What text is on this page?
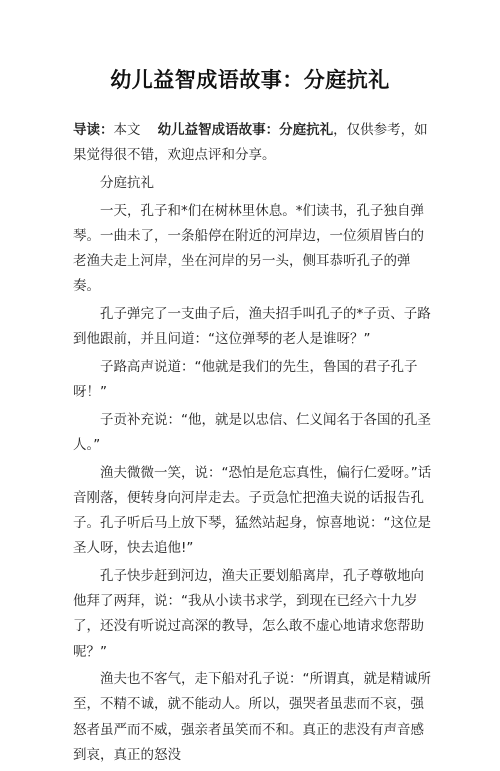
幼儿益智成语故事：分庭抗礼

导读：本文 幼儿益智成语故事：分庭抗礼，仅供参考，如果觉得很不错，欢迎点评和分享。

分庭抗礼

一天，孔子和*们在树林里休息。*们读书，孔子独自弹琴。一曲未了，一条船停在附近的河岸边，一位须眉皆白的老渔夫走上河岸，坐在河岸的另一头，侧耳恭听孔子的弹奏。

孔子弹完了一支曲子后，渔夫招手叫孔子的*子贡、子路到他跟前，并且问道：“这位弹琴的老人是谁呀？”

子路高声说道：“他就是我们的先生，鲁国的君子孔子呀！”

子贡补充说：“他，就是以忠信、仁义闻名于各国的孔圣人。”

渔夫微微一笑，说：“恐怕是危忘真性，偏行仁爱呀。”话音刚落，便转身向河岸走去。子贡急忙把渔夫说的话报告孔子。孔子听后马上放下琴，猛然站起身，惊喜地说：“这位是圣人呀，快去追他!”

孔子快步赶到河边，渔夫正要划船离岸，孔子尊敬地向他拜了两拜，说：“我从小读书求学，到现在已经六十九岁了，还没有听说过高深的教导，怎么敢不虚心地请求您帮助呢？”

渔夫也不客气，走下船对孔子说：“所谓真，就是精诚所至，不精不诚，就不能动人。所以，强哭者虽悲而不哀，强怒者虽严而不威，强亲者虽笑而不和。真正的悲没有声音感到哀，真正的怒没
